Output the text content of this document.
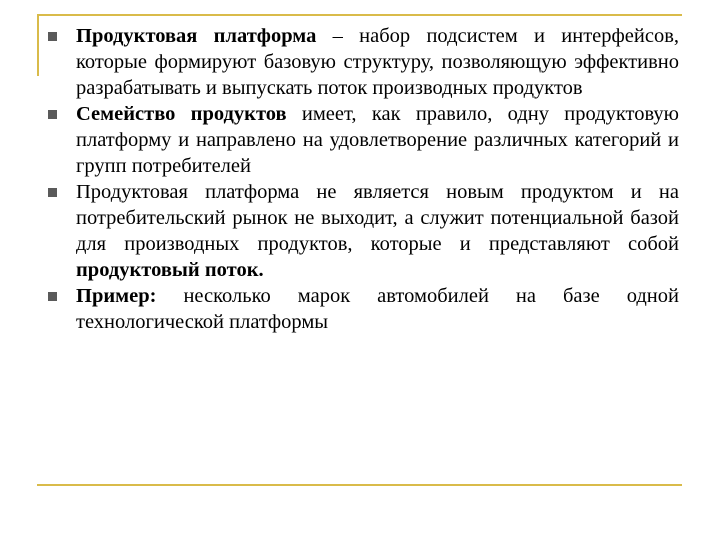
Продуктовая платформа – набор подсистем и интерфейсов, которые формируют базовую структуру, позволяющую эффективно разрабатывать и выпускать поток производных продуктов
Семейство продуктов имеет, как правило, одну продуктовую платформу и направлено на удовлетворение различных категорий и групп потребителей
Продуктовая платформа не является новым продуктом и на потребительский рынок не выходит, а служит потенциальной базой для производных продуктов, которые и представляют собой продуктовый поток.
Пример: несколько марок автомобилей на базе одной технологической платформы
